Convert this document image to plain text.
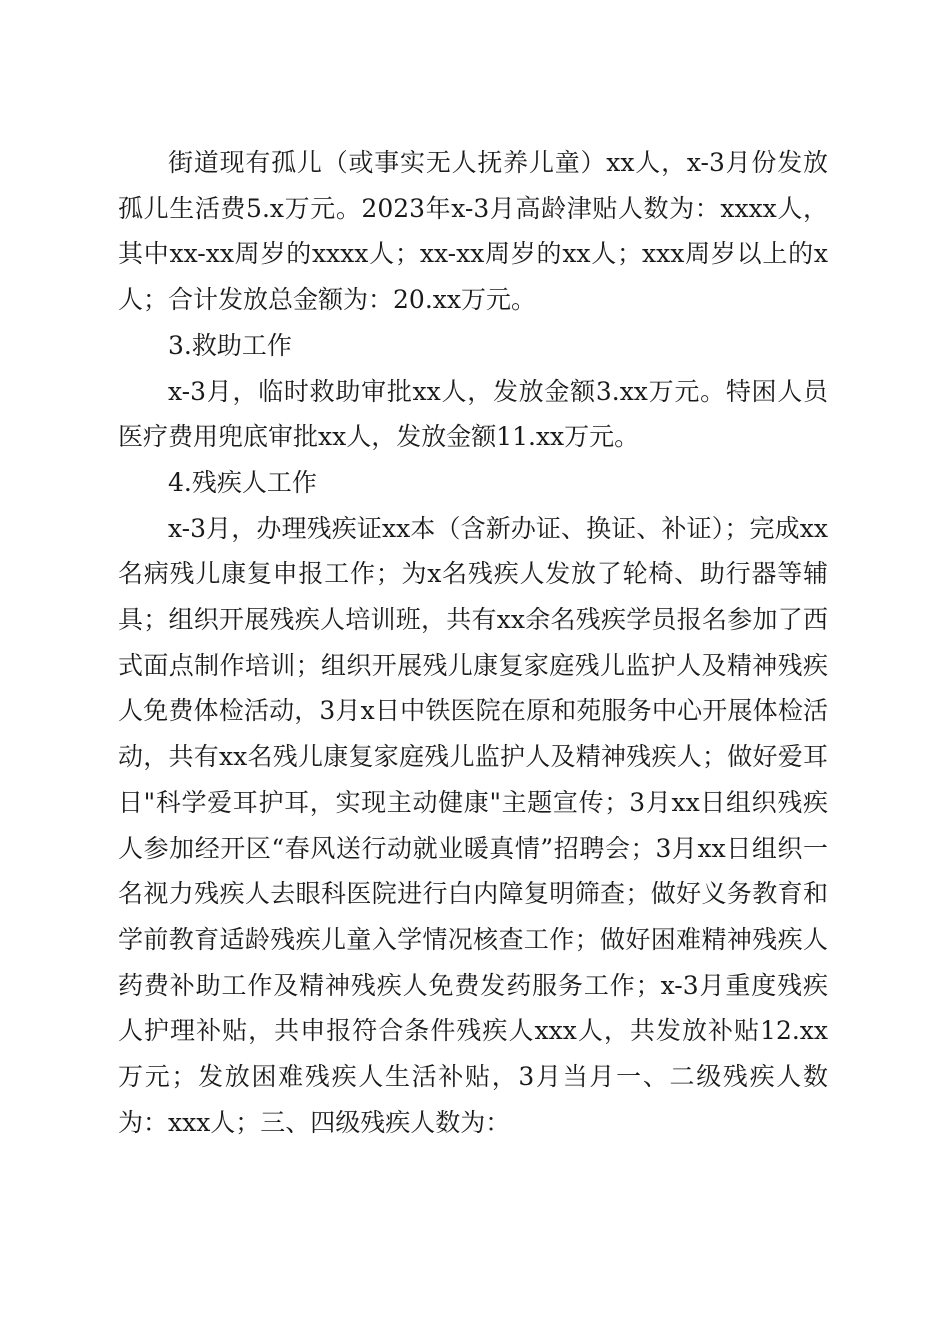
街道现有孤儿（或事实无人抚养儿童）xx人，x-3月份发放孤儿生活费5.x万元。2023年x-3月高龄津贴人数为：xxxx人，其中xx-xx周岁的xxxx人；xx-xx周岁的xx人；xxx周岁以上的x人；合计发放总金额为：20.xx万元。

3.救助工作

x-3月，临时救助审批xx人，发放金额3.xx万元。特困人员医疗费用兜底审批xx人，发放金额11.xx万元。

4.残疾人工作

x-3月，办理残疾证xx本（含新办证、换证、补证）；完成xx名病残儿康复申报工作；为x名残疾人发放了轮椅、助行器等辅具；组织开展残疾人培训班，共有xx余名残疾学员报名参加了西式面点制作培训；组织开展残儿康复家庭残儿监护人及精神残疾人免费体检活动，3月x日中铁医院在原和苑服务中心开展体检活动，共有xx名残儿康复家庭残儿监护人及精神残疾人；做好爱耳日"科学爱耳护耳，实现主动健康"主题宣传；3月xx日组织残疾人参加经开区“春风送行动就业暖真情”招聘会；3月xx日组织一名视力残疾人去眼科医院进行白内障复明筛查；做好义务教育和学前教育适龄残疾儿童入学情况核查工作；做好困难精神残疾人药费补助工作及精神残疾人免费发药服务工作；x-3月重度残疾人护理补贴，共申报符合条件残疾人xxx人，共发放补贴12.xx万元；发放困难残疾人生活补贴，3月当月一、二级残疾人数为：xxx人；三、四级残疾人数为：
